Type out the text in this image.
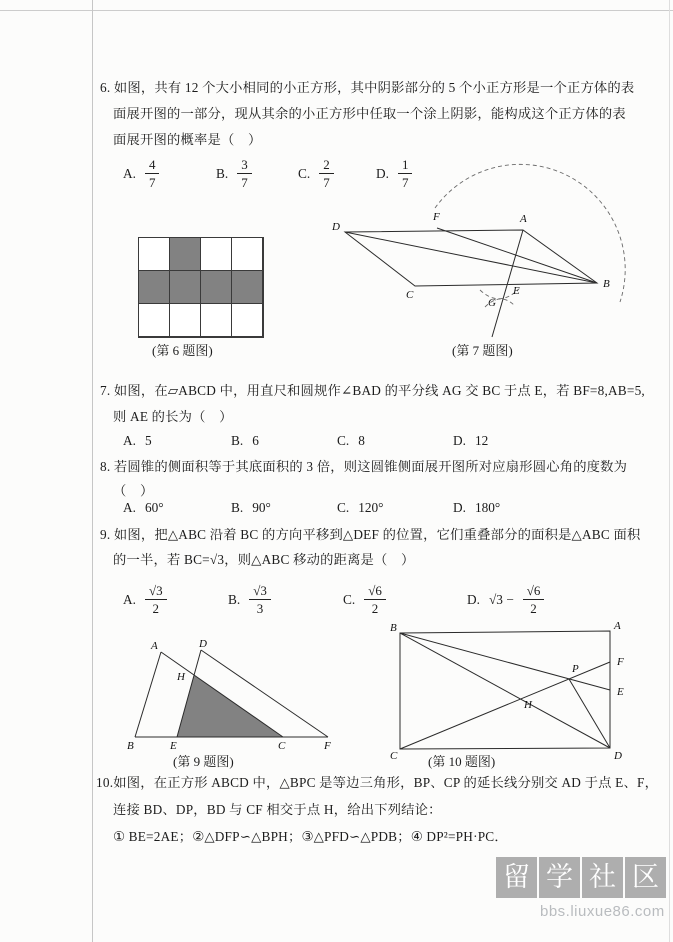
6. 如图，共有 12 个大小相同的小正方形，其中阴影部分的 5 个小正方形是一个正方体的表
面展开图的一部分，现从其余的小正方形中任取一个涂上阴影，能构成这个正方体的表
面展开图的概率是（　）
A. $\frac{4}{7}$	B. $\frac{3}{7}$	C. $\frac{2}{7}$	D. $\frac{1}{7}$
(第 6 题图)
D
F	A
C	E
B
G
(第 7 题图)
7. 如图，在▱ABCD 中，用直尺和圆规作∠BAD 的平分线 AG 交 BC 于点 E，若 BF=8,AB=5,
则 AE 的长为（　）
A. 5	B. 6	C. 8	D. 12
8. 若圆锥的侧面积等于其底面积的 3 倍，则这圆锥侧面展开图所对应扇形圆心角的度数为
（　）
A. 60°	B. 90°	C. 120°	D. 180°
9. 如图，把△ABC 沿着 BC 的方向平移到△DEF 的位置，它们重叠部分的面积是△ABC 面积
的一半，若 BC=√3，则△ABC 移动的距离是（　）
A. $\frac{√3}{2}$	B. $\frac{√3}{3}$	C. $\frac{√6}{2}$	D. $√3 - \frac{√6}{2}$
A	D
H
B	E	C	F
(第 9 题图)
B	A
C	D
F
E
P
H
(第 10 题图)
10.如图，在正方形 ABCD 中，△BPC 是等边三角形，BP、CP 的延长线分别交 AD 于点 E、F，
连接 BD、DP，BD 与 CF 相交于点 H，给出下列结论：
① BE=2AE；②△DFP∽△BPH；③△PFD∽△PDB；④ DP²=PH·PC．
留 学 社 区
bbs.liuxue86.com
